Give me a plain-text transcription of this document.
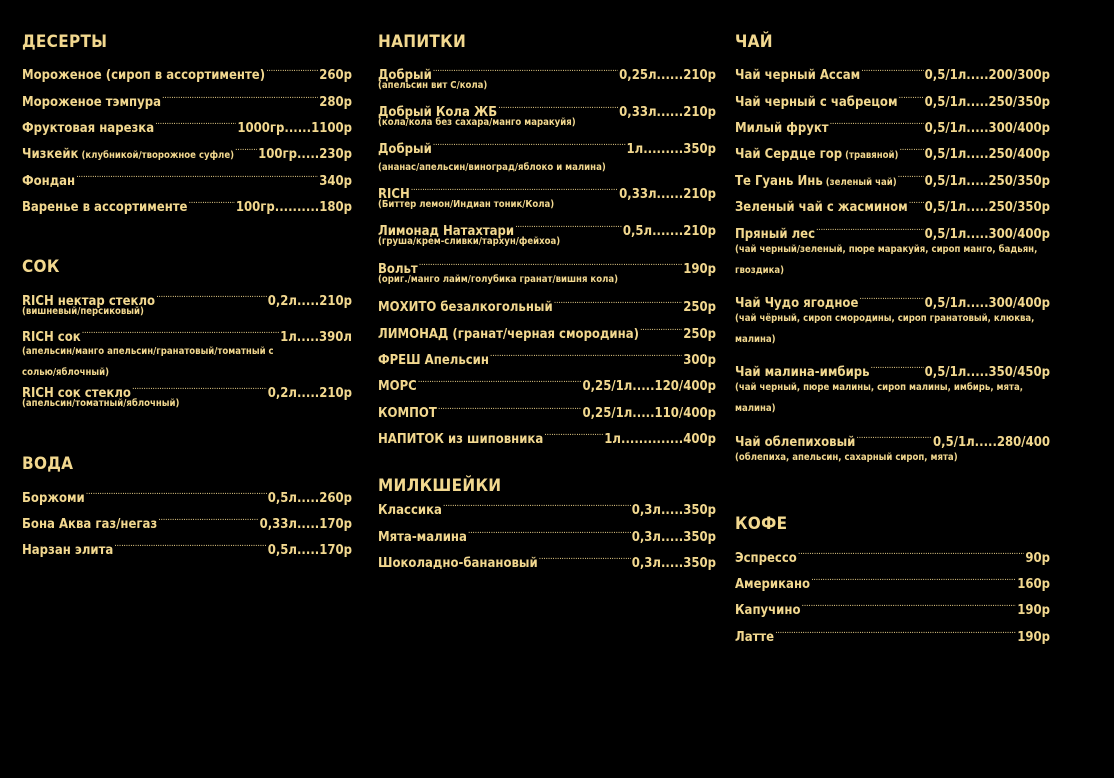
ДЕСЕРТЫ
Мороженое (сироп в ассортименте) .....	260р
Мороженое тэмпура .....	280р
Фруктовая нарезка .....	1000гр......1100р
Чизкейк (клубникой/творожное суфле) ..... 100гр.....230р
Фондан .....	340р
Варенье в ассортименте .....	100гр..........180р
СОК
RICH нектар стекло .....	0,2л.....210р
(вишневый/персиковый)
RICH сок .....	1л.....390л
(апельсин/манго апельсин/гранатовый/томатный с солью/яблочный)
RICH сок стекло .....	0,2л.....210р
(апельсин/томатный/яблочный)
ВОДА
Боржоми .....	0,5л.....260р
Бона Аква газ/негаз .....	0,33л.....170р
Нарзан элита .....	0,5л.....170р
НАПИТКИ
Добрый .....	0,25л......210р
(апельсин вит С/кола)
Добрый Кола ЖБ .....	0,33л......210р
(кола/кола без сахара/манго маракуйя)
Добрый .....	1л.........350р
(ананас/апельсин/виноград/яблоко и малина)
RICH .....	0,33л......210р
(Биттер лемон/Индиан тоник/Кола)
Лимонад Натахтари .....	0,5л.......210р
(груша/крем-сливки/тархун/фейхоа)
Вольт .....	190р
(ориг./манго лайм/голубика гранат/вишня кола)
МОХИТО безалкогольный .....	250р
ЛИМОНАД (гранат/черная смородина) .....	250р
ФРЕШ Апельсин .....	300р
МОРС .....	0,25/1л.....120/400р
КОМПОТ .....	0,25/1л.....110/400р
НАПИТОК из шиповника .....	1л..............400р
МИЛКШЕЙКИ
Классика .....	0,3л.....350р
Мята-малина .....	0,3л.....350р
Шоколадно-банановый .....	0,3л.....350р
ЧАЙ
Чай черный Ассам .....	0,5/1л.....200/300р
Чай черный с чабрецом ..... 0,5/1л.....250/350р
Милый фрукт .....	0,5/1л.....300/400р
Чай Сердце гор (травяной) ..... 0,5/1л.....250/400р
Те Гуань Инь (зеленый чай) ..... 0,5/1л.....250/350р
Зеленый чай с жасмином ..... 0,5/1л.....250/350р
Пряный лес .....	0,5/1л.....300/400р
(чай черный/зеленый, пюре маракуйя, сироп манго, бадьян, гвоздика)
Чай Чудо ягодное .....	0,5/1л.....300/400р
(чай чёрный, сироп смородины, сироп гранатовый, клюква, малина)
Чай малина-имбирь .....	0,5/1л.....350/450р
(чай черный, пюре малины, сироп малины, имбирь, мята, малина)
Чай облепиховый .....	0,5/1л.....280/400
(облепиха, апельсин, сахарный сироп, мята)
КОФЕ
Эспрессо .....	90р
Американо .....	160р
Капучино .....	190р
Латте .....	190р
